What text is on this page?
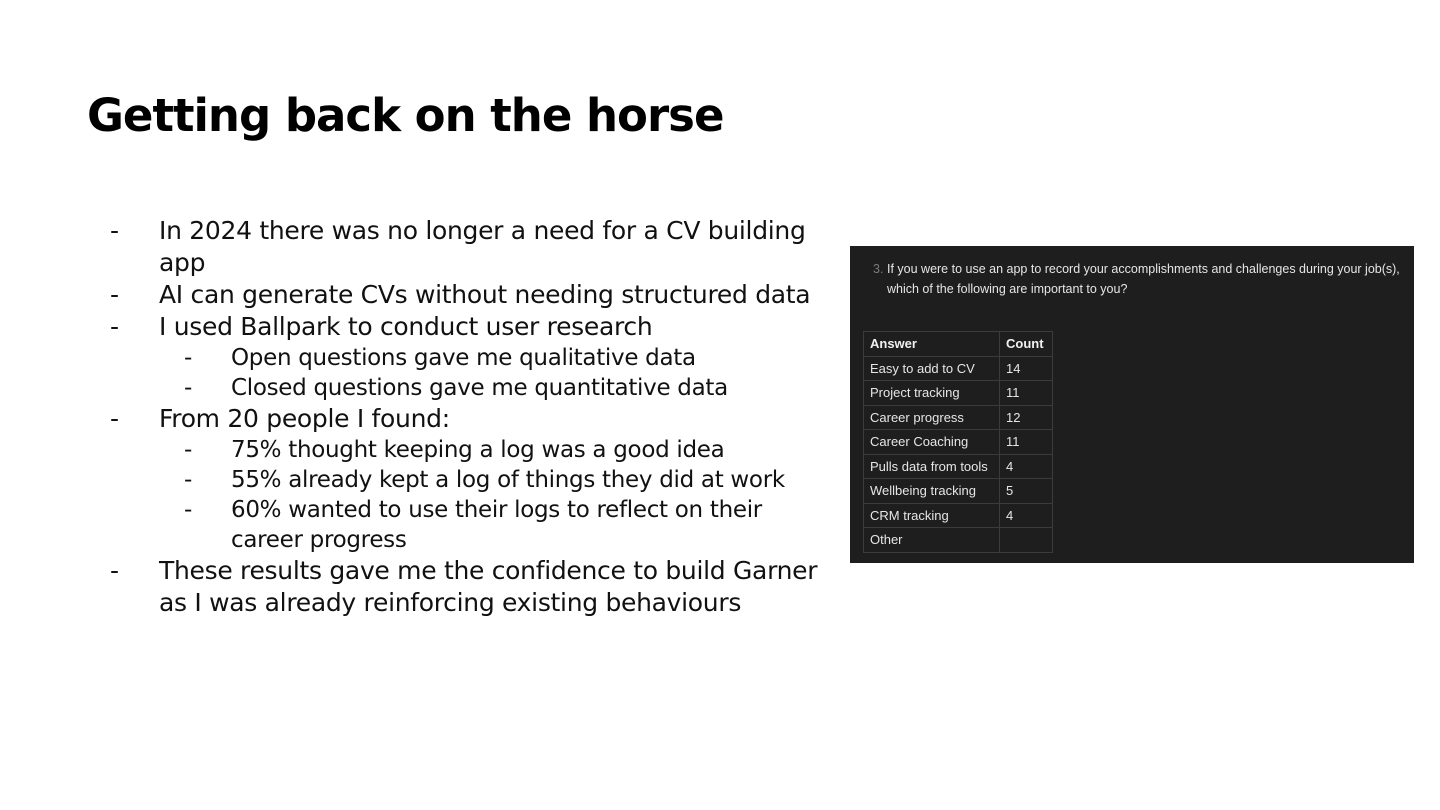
Getting back on the horse
- In 2024 there was no longer a need for a CV building app
- AI can generate CVs without needing structured data
- I used Ballpark to conduct user research
- Open questions gave me qualitative data
- Closed questions gave me quantitative data
- From 20 people I found:
- 75% thought keeping a log was a good idea
- 55% already kept a log of things they did at work
- 60% wanted to use their logs to reflect on their career progress
- These results gave me the confidence to build Garner as I was already reinforcing existing behaviours
3. If you were to use an app to record your accomplishments and challenges during your job(s), which of the following are important to you?
Answer	Count
Easy to add to CV	14
Project tracking	11
Career progress	12
Career Coaching	11
Pulls data from tools	4
Wellbeing tracking	5
CRM tracking	4
Other	
